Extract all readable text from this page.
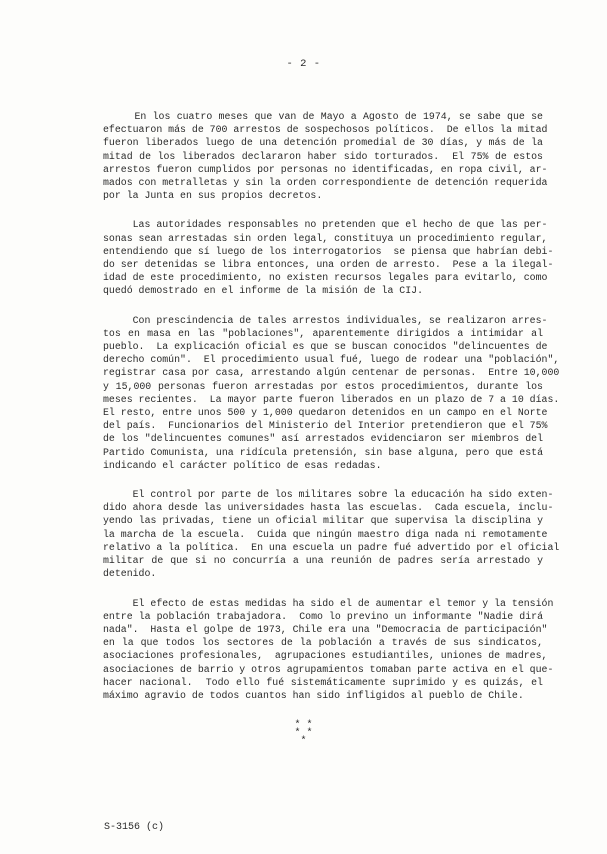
- 2 -

En los cuatro meses que van de Mayo a Agosto de 1974, se sabe que se
efectuaron más de 700 arrestos de sospechosos políticos.  De ellos la mitad
fueron liberados luego de una detención promedial de 30 días, y más de la
mitad de los liberados declararon haber sido torturados.  El 75% de estos
arrestos fueron cumplidos por personas no identificadas, en ropa civil, ar-
mados con metralletas y sin la orden correspondiente de detención requerida
por la Junta en sus propios decretos.

Las autoridades responsables no pretenden que el hecho de que las per-
sonas sean arrestadas sin orden legal, constituya un procedimiento regular,
entendiendo que sí luego de los interrogatorios  se piensa que habrían debi-
do ser detenidas se libra entonces, una orden de arresto.  Pese a la ilegal-
idad de este procedimiento, no existen recursos legales para evitarlo, como
quedó demostrado en el informe de la misión de la CIJ.

Con prescindencia de tales arrestos individuales, se realizaron arres-
tos en masa en las "poblaciones", aparentemente dirigidos a intimidar al
pueblo.  La explicación oficial es que se buscan conocidos "delincuentes de
derecho común".  El procedimiento usual fué, luego de rodear una "población",
registrar casa por casa, arrestando algún centenar de personas.  Entre 10,000
y 15,000 personas fueron arrestadas por estos procedimientos, durante los
meses recientes.  La mayor parte fueron liberados en un plazo de 7 a 10 días.
El resto, entre unos 500 y 1,000 quedaron detenidos en un campo en el Norte
del país.  Funcionarios del Ministerio del Interior pretendieron que el 75%
de los "delincuentes comunes" así arrestados evidenciaron ser miembros del
Partido Comunista, una ridícula pretensión, sin base alguna, pero que está
indicando el carácter político de esas redadas.

El control por parte de los militares sobre la educación ha sido exten-
dido ahora desde las universidades hasta las escuelas.  Cada escuela, inclu-
yendo las privadas, tiene un oficial militar que supervisa la disciplina y
la marcha de la escuela.  Cuida que ningún maestro diga nada ni remotamente
relativo a la política.  En una escuela un padre fué advertido por el oficial
militar de que si no concurría a una reunión de padres sería arrestado y
detenido.

El efecto de estas medidas ha sido el de aumentar el temor y la tensión
entre la población trabajadora.  Como lo previno un informante "Nadie dirá
nada".  Hasta el golpe de 1973, Chile era una "Democracia de participación"
en la que todos los sectores de la población a través de sus sindicatos,
asociaciones profesionales,  agrupaciones estudiantiles, uniones de madres,
asociaciones de barrio y otros agrupamientos tomaban parte activa en el que-
hacer nacional.  Todo ello fué sistemáticamente suprimido y es quizás, el
máximo agravio de todos cuantos han sido infligidos al pueblo de Chile.

* *
* *
*
S-3156 (c)
